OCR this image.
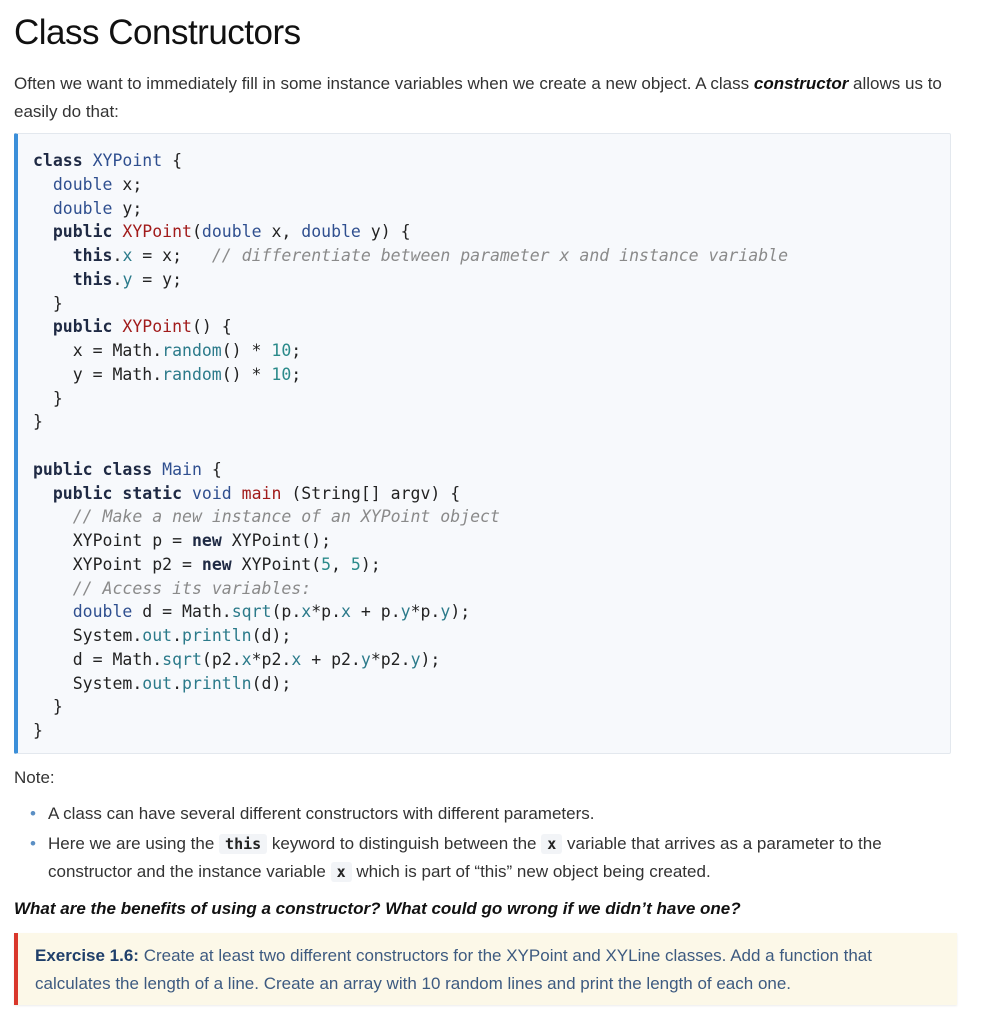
Class Constructors

Often we want to immediately fill in some instance variables when we create a new object. A class constructor allows us to easily do that:

class XYPoint {
double x;
double y;
public XYPoint(double x, double y) {
this.x = x;   // differentiate between parameter x and instance variable
this.y = y;
}
public XYPoint() {
x = Math.random() * 10;
y = Math.random() * 10;
}
}

public class Main {
public static void main (String[] argv) {
// Make a new instance of an XYPoint object
XYPoint p = new XYPoint();
XYPoint p2 = new XYPoint(5, 5);
// Access its variables:
double d = Math.sqrt(p.x*p.x + p.y*p.y);
System.out.println(d);
d = Math.sqrt(p2.x*p2.x + p2.y*p2.y);
System.out.println(d);
}
}
Note:
• A class can have several different constructors with different parameters.
• Here we are using the this keyword to distinguish between the x variable that arrives as a parameter to the constructor and the instance variable x which is part of “this” new object being created.
What are the benefits of using a constructor? What could go wrong if we didn’t have one?
Exercise 1.6: Create at least two different constructors for the XYPoint and XYLine classes. Add a function that calculates the length of a line. Create an array with 10 random lines and print the length of each one.
